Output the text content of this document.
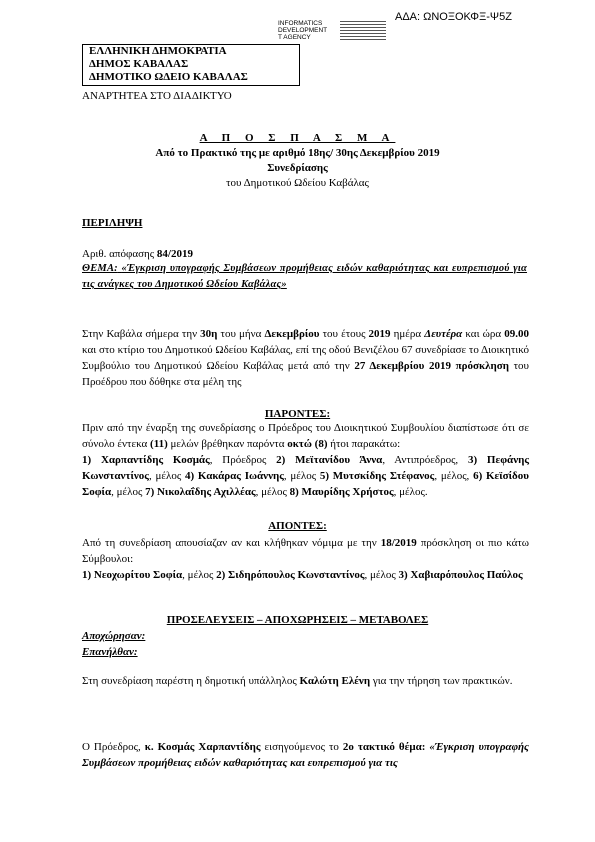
ΑΔΑ: ΩΝΟΞΟΚΦΞ-Ψ5Ζ
INFORMATICS
DEVELOPMENT
T AGENCY
ΕΛΛΗΝΙΚΗ ΔΗΜΟΚΡΑΤΙΑ
ΔΗΜΟΣ ΚΑΒΑΛΑΣ
ΔΗΜΟΤΙΚΟ ΩΔΕΙΟ ΚΑΒΑΛΑΣ
ΑΝΑΡΤΗΤΕΑ ΣΤΟ ΔΙΑΔΙΚΤΥΟ
Α Π Ο Σ Π Α Σ Μ Α
Από το Πρακτικό της με αριθμό 18ης/ 30ης Δεκεμβρίου 2019
Συνεδρίασης
του Δημοτικού Ωδείου Καβάλας
ΠΕΡΙΛΗΨΗ
Αριθ. απόφασης 84/2019
ΘΕΜΑ: «Έγκριση υπογραφής Συμβάσεων προμήθειας ειδών καθαριότητας και ευπρεπισμού για τις ανάγκες του Δημοτικού Ωδείου Καβάλας»
Στην Καβάλα σήμερα την 30η του μήνα Δεκεμβρίου του έτους 2019 ημέρα Δευτέρα και ώρα 09.00 και στο κτίριο του Δημοτικού Ωδείου Καβάλας, επί της οδού Βενιζέλου 67 συνεδρίασε το Διοικητικό Συμβούλιο του Δημοτικού Ωδείου Καβάλας μετά από την 27 Δεκεμβρίου 2019 πρόσκληση του Προέδρου που δόθηκε στα μέλη της
ΠΑΡΟΝΤΕΣ:
Πριν από την έναρξη της συνεδρίασης ο Πρόεδρος του Διοικητικού Συμβουλίου διαπίστωσε ότι σε σύνολο έντεκα (11) μελών βρέθηκαν παρόντα οκτώ (8) ήτοι παρακάτω:
1) Χαρπαντίδης Κοσμάς, Πρόεδρος 2) Μεϊτανίδου Άννα, Αντιπρόεδρος, 3) Πεφάνης Κωνσταντίνος, μέλος 4) Κακάρας Ιωάννης, μέλος 5) Μυτσκίδης Στέφανος, μέλος, 6) Κεϊσίδου Σοφία, μέλος 7) Νικολαΐδης Αχιλλέας, μέλος 8) Μαυρίδης Χρήστος, μέλος.
ΑΠΟΝΤΕΣ:
Από τη συνεδρίαση απουσίαζαν αν και κλήθηκαν νόμιμα με την 18/2019 πρόσκληση οι πιο κάτω Σύμβουλοι:
1) Νεοχωρίτου Σοφία, μέλος 2) Σιδηρόπουλος Κωνσταντίνος, μέλος 3) Χαβιαρόπουλος Παύλος
ΠΡΟΣΕΛΕΥΣΕΙΣ – ΑΠΟΧΩΡΗΣΕΙΣ – ΜΕΤΑΒΟΛΕΣ
Αποχώρησαν:
Επανήλθαν:
Στη συνεδρίαση παρέστη η δημοτική υπάλληλος Καλώτη Ελένη για την τήρηση των πρακτικών.
Ο Πρόεδρος, κ. Κοσμάς Χαρπαντίδης εισηγούμενος το 2ο τακτικό θέμα: «Έγκριση υπογραφής Συμβάσεων προμήθειας ειδών καθαριότητας και ευπρεπισμού για τις
